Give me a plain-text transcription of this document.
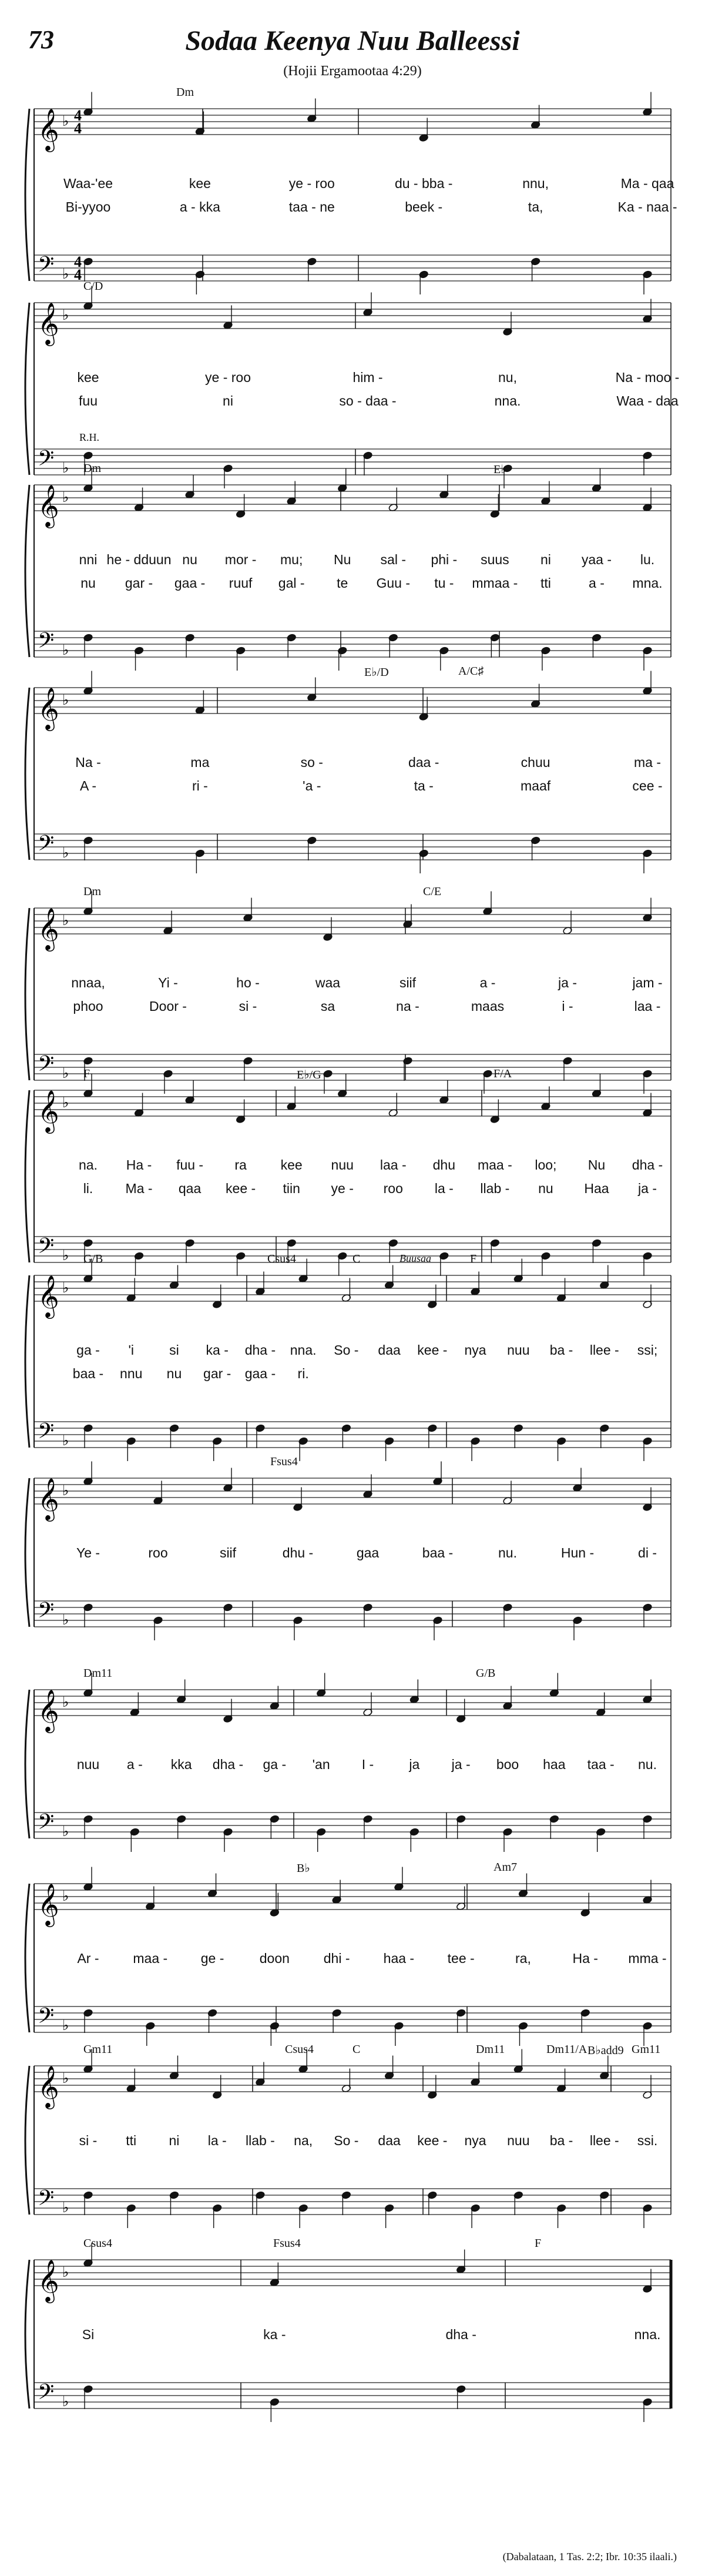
73	Sodaa Keenya Nuu Balleessi
(Hojii Ergamootaa 4:29)
𝄞
𝄢
♭
♭
4
4
4
4
Dm
Waa-'ee	kee	ye - roo	du - bba -	nnu,	Ma - qaa
Bi-yyoo	a - kka	taa - ne	beek -	ta,	Ka - naa -
𝄞
𝄢
♭
♭
C/D
R.H.
kee	ye - roo	him -	nu,	Na - moo -
fuu	ni	so - daa -	nna.	Waa - daa
𝄞
𝄢
♭
♭
Dm	E♭
nni he - dduun nu mor - mu; Nu sal - phi - suus ni yaa - lu.
nu gar - gaa - ruuf gal - te Guu - tu - mmaa - tti	a - mna.
𝄞
𝄢
♭
♭
E♭/D	A/C♯
Na -	ma	so -	daa -	chuu	ma -
A -	ri -	'a -	ta -	maaf	cee -
𝄞
𝄢
♭
♭
Dm	C/E
nnaa,	Yi -	ho -	waa	siif	a -	ja -	jam -
phoo	Door -	si -	sa	na -	maas	i -	laa -
𝄞
𝄢
♭
♭
F	E♭/G	F/A
na. Ha - fuu - ra	kee nuu laa - dhu maa - loo; Nu dha -
li. Ma - qaa kee - tiin ye - roo la - llab - nu Haa ja -
𝄞
𝄢
♭
♭
G/B	Csus4	C	F
Buusaa
ga - 'i	si ka - dha - nna. So - daa kee - nya nuu ba - llee - ssi;
baa - nnu nu gar - gaa - ri.
𝄞
𝄢
♭
♭
Fsus4
Ye -	roo	siif	dhu -	gaa	baa -	nu.	Hun -	di -
𝄞
𝄢
♭
♭
Dm11	G/B
nuu a - kka dha - ga - 'an I -	ja ja - boo haa taa - nu.
𝄞
𝄢
♭
♭
B♭	Am7
Ar -	maa - ge -	doon	dhi - haa - tee -	ra,	Ha - mma -
𝄞
𝄢
♭
♭
Gm11	Csus4	C	Dm11	Dm11/A B♭add9 Gm11
si - tti ni la - llab - na, So - daa kee - nya nuu ba - llee - ssi.
𝄞
𝄢
♭
♭
Csus4	Fsus4	F
Si	ka -	dha -	nna.
(Dabalataan, 1 Tas. 2:2; Ibr. 10:35 ilaali.)
